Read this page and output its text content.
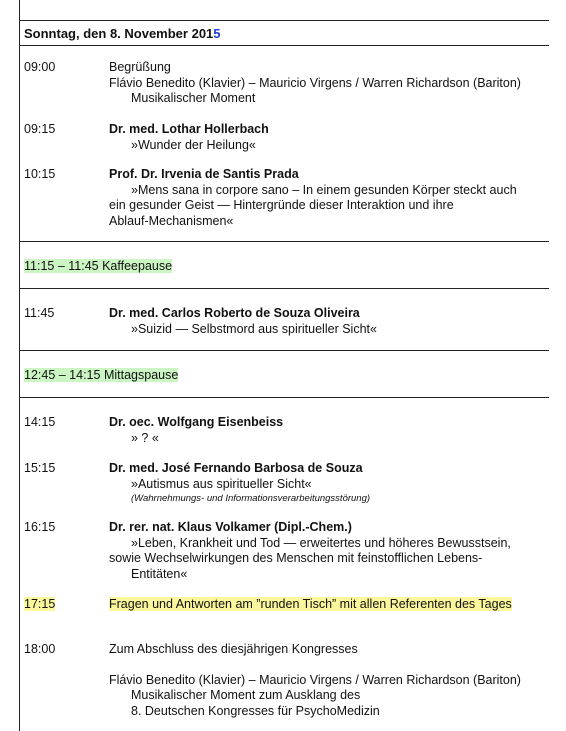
Sonntag, den 8. November 2015
09:00	Begrüßung
Flávio Benedito (Klavier) – Mauricio Virgens / Warren Richardson (Bariton)
Musikalischer Moment
09:15	Dr. med. Lothar Hollerbach
»Wunder der Heilung«
10:15	Prof. Dr. Irvenia de Santis Prada
»Mens sana in corpore sano – In einem gesunden Körper steckt auch
ein gesunder Geist — Hintergründe dieser Interaktion und ihre
Ablauf-Mechanismen«
11:15 – 11:45 Kaffeepause
11:45	Dr. med. Carlos Roberto de Souza Oliveira
»Suizid — Selbstmord aus spiritueller Sicht«
12:45 – 14:15 Mittagspause
14:15	Dr. oec. Wolfgang Eisenbeiss
» ? «
15:15	Dr. med. José Fernando Barbosa de Souza
»Autismus aus spiritueller Sicht«
(Wahrnehmungs- und Informationsverarbeitungsstörung)
16:15	Dr. rer. nat. Klaus Volkamer (Dipl.-Chem.)
»Leben, Krankheit und Tod — erweitertes und höheres Bewusstsein,
sowie Wechselwirkungen des Menschen mit feinstofflichen Lebens-
Entitäten«
17:15	Fragen und Antworten am ”runden Tisch” mit allen Referenten des Tages
18:00	Zum Abschluss des diesjährigen Kongresses
Flávio Benedito (Klavier) – Mauricio Virgens / Warren Richardson (Bariton)
Musikalischer Moment zum Ausklang des
8. Deutschen Kongresses für PsychoMedizin
